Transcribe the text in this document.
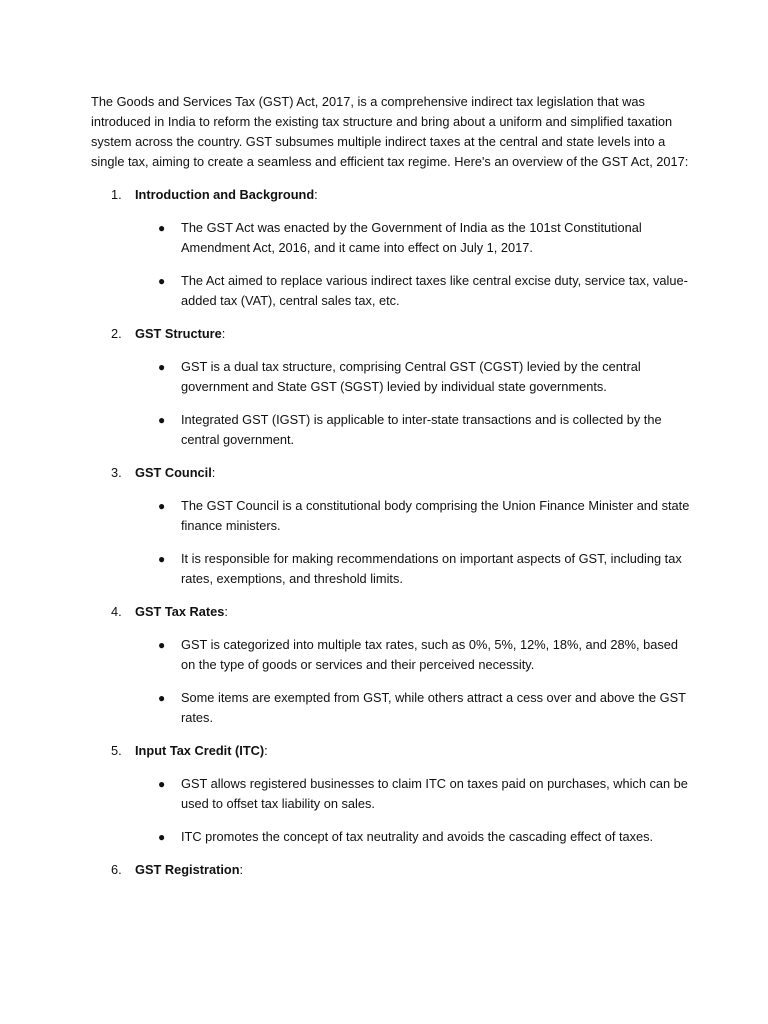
The Goods and Services Tax (GST) Act, 2017, is a comprehensive indirect tax legislation that was introduced in India to reform the existing tax structure and bring about a uniform and simplified taxation system across the country. GST subsumes multiple indirect taxes at the central and state levels into a single tax, aiming to create a seamless and efficient tax regime. Here's an overview of the GST Act, 2017:

1. Introduction and Background:
● The GST Act was enacted by the Government of India as the 101st Constitutional Amendment Act, 2016, and it came into effect on July 1, 2017.
● The Act aimed to replace various indirect taxes like central excise duty, service tax, value-added tax (VAT), central sales tax, etc.
2. GST Structure:
● GST is a dual tax structure, comprising Central GST (CGST) levied by the central government and State GST (SGST) levied by individual state governments.
● Integrated GST (IGST) is applicable to inter-state transactions and is collected by the central government.
3. GST Council:
● The GST Council is a constitutional body comprising the Union Finance Minister and state finance ministers.
● It is responsible for making recommendations on important aspects of GST, including tax rates, exemptions, and threshold limits.
4. GST Tax Rates:
● GST is categorized into multiple tax rates, such as 0%, 5%, 12%, 18%, and 28%, based on the type of goods or services and their perceived necessity.
● Some items are exempted from GST, while others attract a cess over and above the GST rates.
5. Input Tax Credit (ITC):
● GST allows registered businesses to claim ITC on taxes paid on purchases, which can be used to offset tax liability on sales.
● ITC promotes the concept of tax neutrality and avoids the cascading effect of taxes.
6. GST Registration:
